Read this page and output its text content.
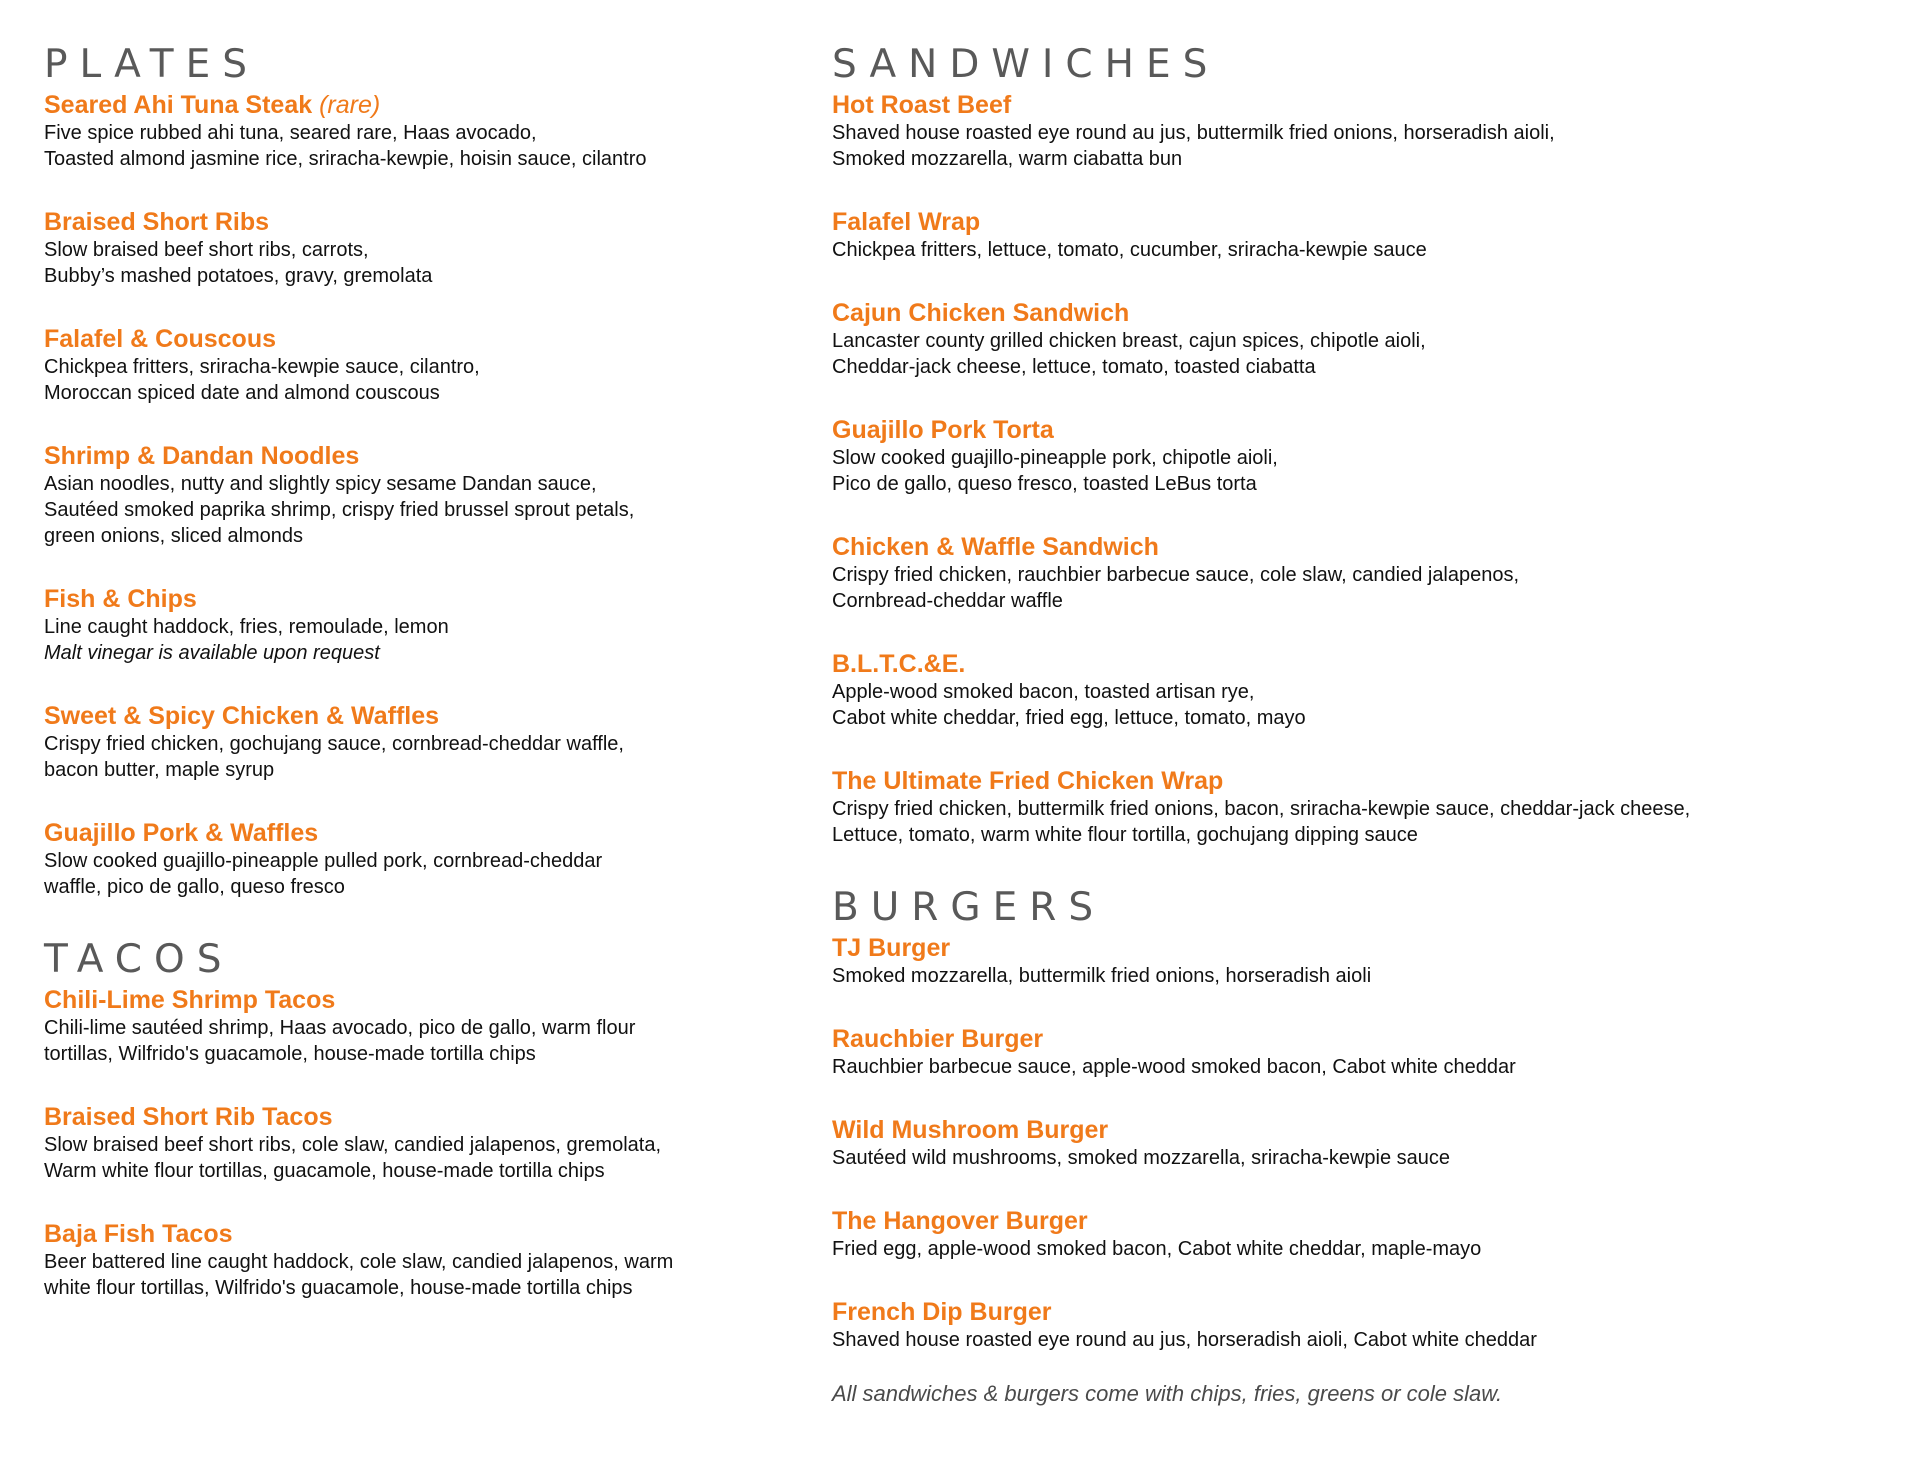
PLATES
Seared Ahi Tuna Steak (rare)
Five spice rubbed ahi tuna, seared rare, Haas avocado,
Toasted almond jasmine rice, sriracha-kewpie, hoisin sauce, cilantro
Braised Short Ribs
Slow braised beef short ribs, carrots,
Bubby’s mashed potatoes, gravy, gremolata
Falafel & Couscous
Chickpea fritters, sriracha-kewpie sauce, cilantro,
Moroccan spiced date and almond couscous
Shrimp & Dandan Noodles
Asian noodles, nutty and slightly spicy sesame Dandan sauce,
Sautéed smoked paprika shrimp, crispy fried brussel sprout petals,
green onions, sliced almonds
Fish & Chips
Line caught haddock, fries, remoulade, lemon
Malt vinegar is available upon request
Sweet & Spicy Chicken & Waffles
Crispy fried chicken, gochujang sauce, cornbread-cheddar waffle,
bacon butter, maple syrup
Guajillo Pork & Waffles
Slow cooked guajillo-pineapple pulled pork, cornbread-cheddar
waffle, pico de gallo, queso fresco
TACOS
Chili-Lime Shrimp Tacos
Chili-lime sautéed shrimp, Haas avocado, pico de gallo, warm flour
tortillas, Wilfrido's guacamole, house-made tortilla chips
Braised Short Rib Tacos
Slow braised beef short ribs, cole slaw, candied jalapenos, gremolata,
Warm white flour tortillas, guacamole, house-made tortilla chips
Baja Fish Tacos
Beer battered line caught haddock, cole slaw, candied jalapenos, warm
white flour tortillas, Wilfrido's guacamole, house-made tortilla chips
SANDWICHES
Hot Roast Beef
Shaved house roasted eye round au jus, buttermilk fried onions, horseradish aioli,
Smoked mozzarella, warm ciabatta bun
Falafel Wrap
Chickpea fritters, lettuce, tomato, cucumber, sriracha-kewpie sauce
Cajun Chicken Sandwich
Lancaster county grilled chicken breast, cajun spices, chipotle aioli,
Cheddar-jack cheese, lettuce, tomato, toasted ciabatta
Guajillo Pork Torta
Slow cooked guajillo-pineapple pork, chipotle aioli,
Pico de gallo, queso fresco, toasted LeBus torta
Chicken & Waffle Sandwich
Crispy fried chicken, rauchbier barbecue sauce, cole slaw, candied jalapenos,
Cornbread-cheddar waffle
B.L.T.C.&E.
Apple-wood smoked bacon, toasted artisan rye,
Cabot white cheddar, fried egg, lettuce, tomato, mayo
The Ultimate Fried Chicken Wrap
Crispy fried chicken, buttermilk fried onions, bacon, sriracha-kewpie sauce, cheddar-jack cheese,
Lettuce, tomato, warm white flour tortilla, gochujang dipping sauce
BURGERS
TJ Burger
Smoked mozzarella, buttermilk fried onions, horseradish aioli
Rauchbier Burger
Rauchbier barbecue sauce, apple-wood smoked bacon, Cabot white cheddar
Wild Mushroom Burger
Sautéed wild mushrooms, smoked mozzarella, sriracha-kewpie sauce
The Hangover Burger
Fried egg, apple-wood smoked bacon, Cabot white cheddar, maple-mayo
French Dip Burger
Shaved house roasted eye round au jus, horseradish aioli, Cabot white cheddar
All sandwiches & burgers come with chips, fries, greens or cole slaw.
